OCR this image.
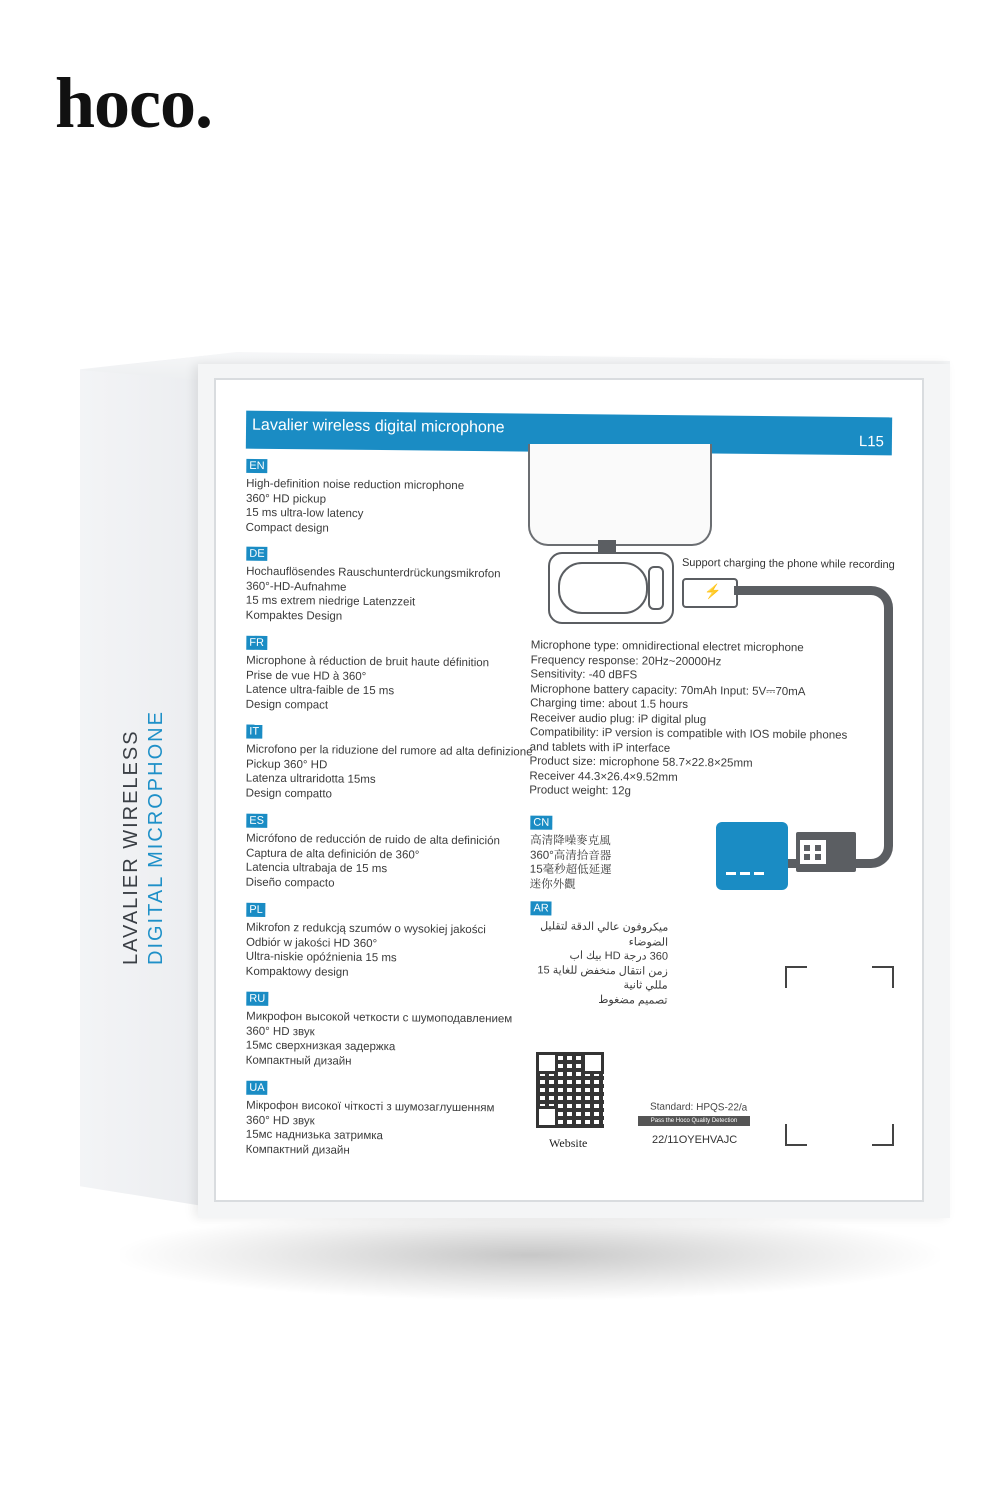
hoco.
LAVALIER WIRELESS DIGITAL MICROPHONE
Lavalier wireless digital microphone
L15
EN
High-definition noise reduction microphone
360° HD pickup
15 ms ultra-low latency
Compact design
DE
Hochauflösendes Rauschunterdrückungsmikrofon
360°-HD-Aufnahme
15 ms extrem niedrige Latenzzeit
Kompaktes Design
FR
Microphone à réduction de bruit haute définition
Prise de vue HD à 360°
Latence ultra-faible de 15 ms
Design compact
IT
Microfono per la riduzione del rumore ad alta definizione
Pickup 360° HD
Latenza ultraridotta 15ms
Design compatto
ES
Micrófono de reducción de ruido de alta definición
Captura de alta definición de 360°
Latencia ultrabaja de 15 ms
Diseño compacto
PL
Mikrofon z redukcją szumów o wysokiej jakości
Odbiór w jakości HD 360°
Ultra-niskie opóźnienia 15 ms
Kompaktowy design
RU
Микрофон высокой четкости с шумоподавлением
360° HD звук
15мс сверхнизкая задержка
Компактный дизайн
UA
Мікрофон високої чіткості з шумозаглушенням
360° HD звук
15мс наднизька затримка
Компактний дизайн
Microphone type: omnidirectional electret microphone
Frequency response: 20Hz~20000Hz
Sensitivity: -40 dBFS
Microphone battery capacity: 70mAh Input: 5V⎓70mA
Charging time: about 1.5 hours
Receiver audio plug: iP digital plug
Compatibility: iP version is compatible with IOS mobile phones
and tablets with iP interface
Product size: microphone 58.7×22.8×25mm
Receiver 44.3×26.4×9.52mm
Product weight: 12g
CN
高清降噪麥克風
360°高清拾音器
15毫秒超低延遲
迷你外觀
AR
ميكروفون عالي الدقة لتقليل الضوضاء
360 درجة HD بيك اب
زمن انتقال منخفض للغاية 15 مللي ثانية
تصميم مضغوط
Support charging the phone while recording
⚡
▬▬▬
Website
Standard: HPQS-22/a
Pass the Hoco Quality Detection Standard
22/11OYEHVAJC
